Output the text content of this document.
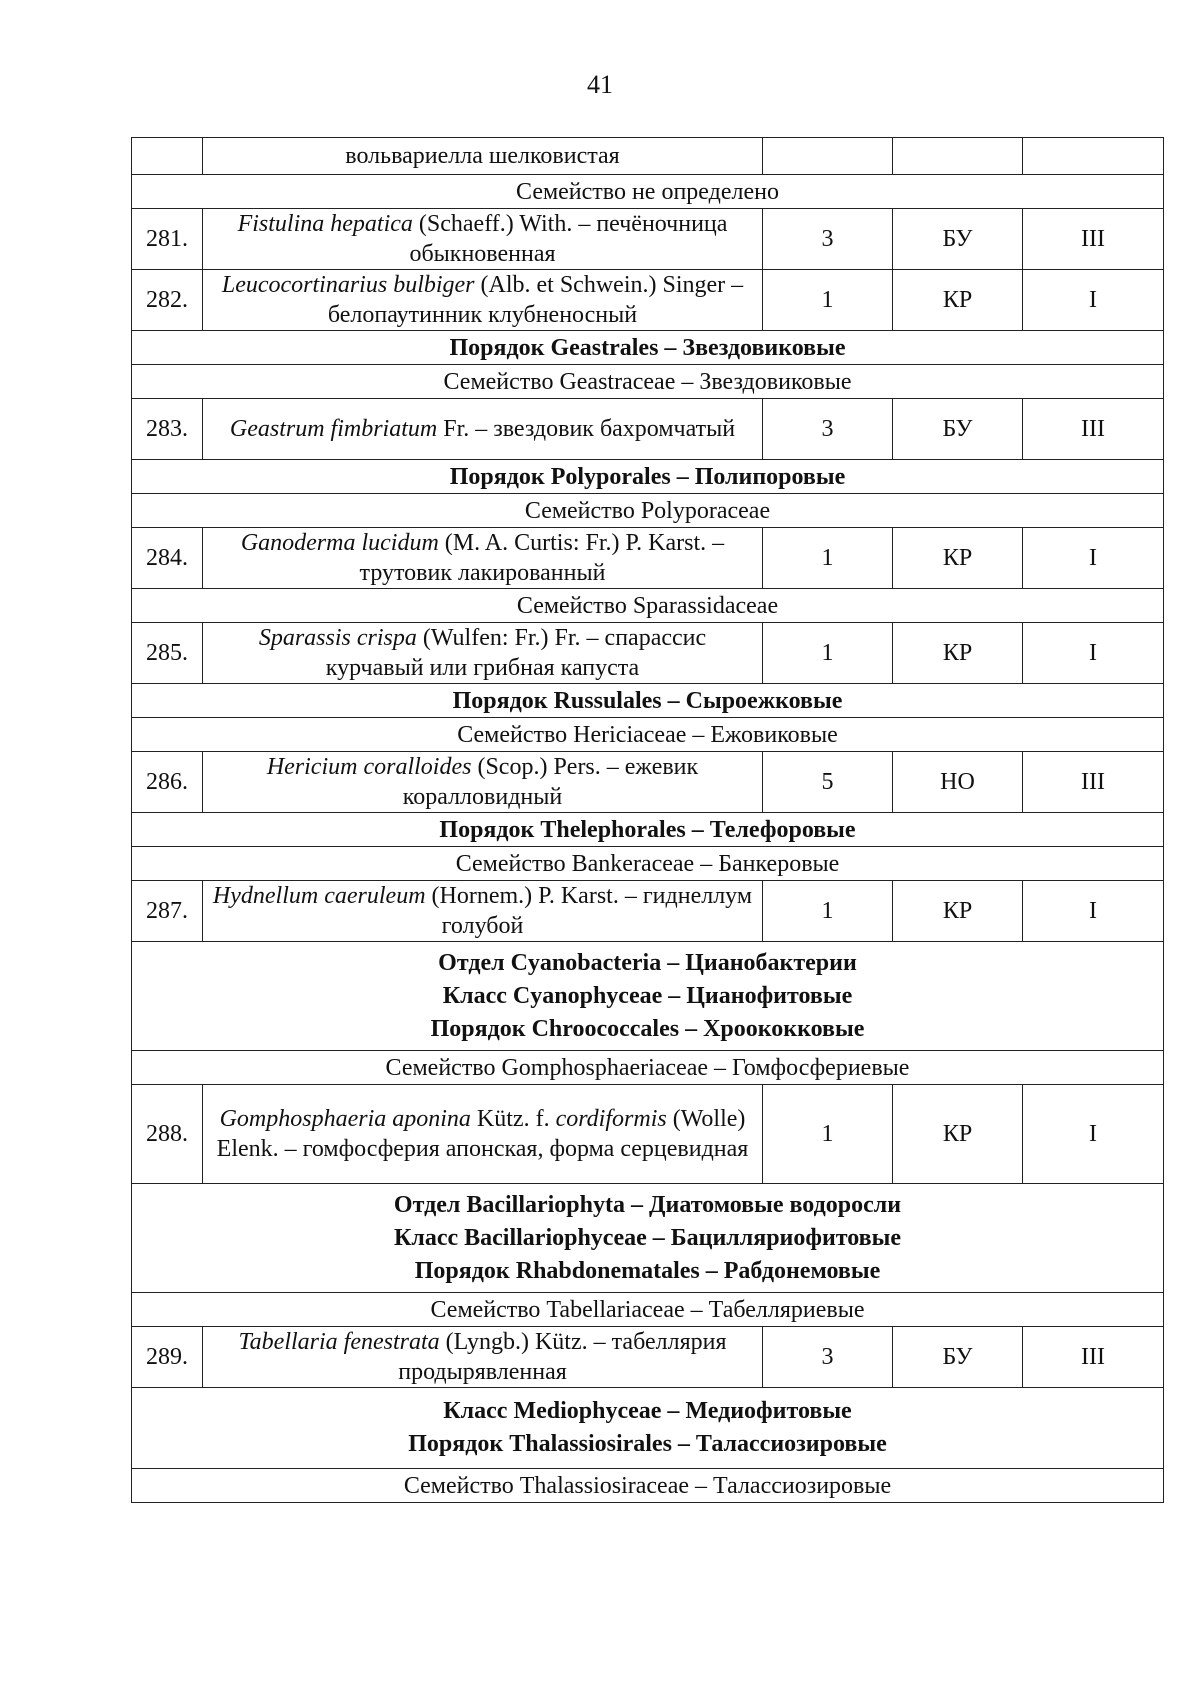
41
	вольвариелла шелковистая			
Семейство не определено				
281.	Fistulina hepatica (Schaeff.) With. – печёночница обыкновенная	3	БУ	III
282.	Leucocortinarius bulbiger (Alb. et Schwein.) Singer – белопаутинник клубненосный	1	КР	I
Порядок Geastrales – Звездовиковые				
Семейство Geastraceae – Звездовиковые				
283.	Geastrum fimbriatum Fr. – звездовик бахромчатый	3	БУ	III
Порядок Polyporales – Полипоровые				
Семейство Polyporaceae				
284.	Ganoderma lucidum (M. A. Curtis: Fr.) P. Karst. – трутовик лакированный	1	КР	I
Семейство Sparassidaceae				
285.	Sparassis crispa (Wulfen: Fr.) Fr. – спарассис курчавый или грибная капуста	1	КР	I
Порядок Russulales – Сыроежковые				
Семейство Hericiaceae – Ежовиковые				
286.	Hericium coralloides (Scop.) Pers. – ежевик коралловидный	5	НО	III
Порядок Thelephorales – Телефоровые				
Семейство Bankeraceae – Банкеровые				
287.	Hydnellum caeruleum (Hornem.) P. Karst. – гиднеллум голубой	1	КР	I

Отдел Cyanobacteria – Цианобактерии
Класс Cyanophyceae – Цианофитовые
Порядок Chroococcales – Хроококковые				

Семейство Gomphosphaeriaceae – Гомфосфериевые				
288.	Gomphosphaeria aponina Kütz. f. cordiformis (Wolle) Elenk. – гомфосферия апонская, форма серцевидная	1	КР	I

Отдел Bacillariophyta – Диатомовые водоросли
Класс Bacillariophyceae – Бацилляриофитовые
Порядок Rhabdonematales – Рабдонемовые				

Семейство Tabellariaceae – Табелляриевые				
289.	Tabellaria fenestrata (Lyngb.) Kütz. – табеллярия продырявленная	3	БУ	III

Класс Mediophyceae – Медиофитовые
Порядок Thalassiosirales – Талассиозировые				

Семейство Thalassiosiraceae – Талассиозировые				
